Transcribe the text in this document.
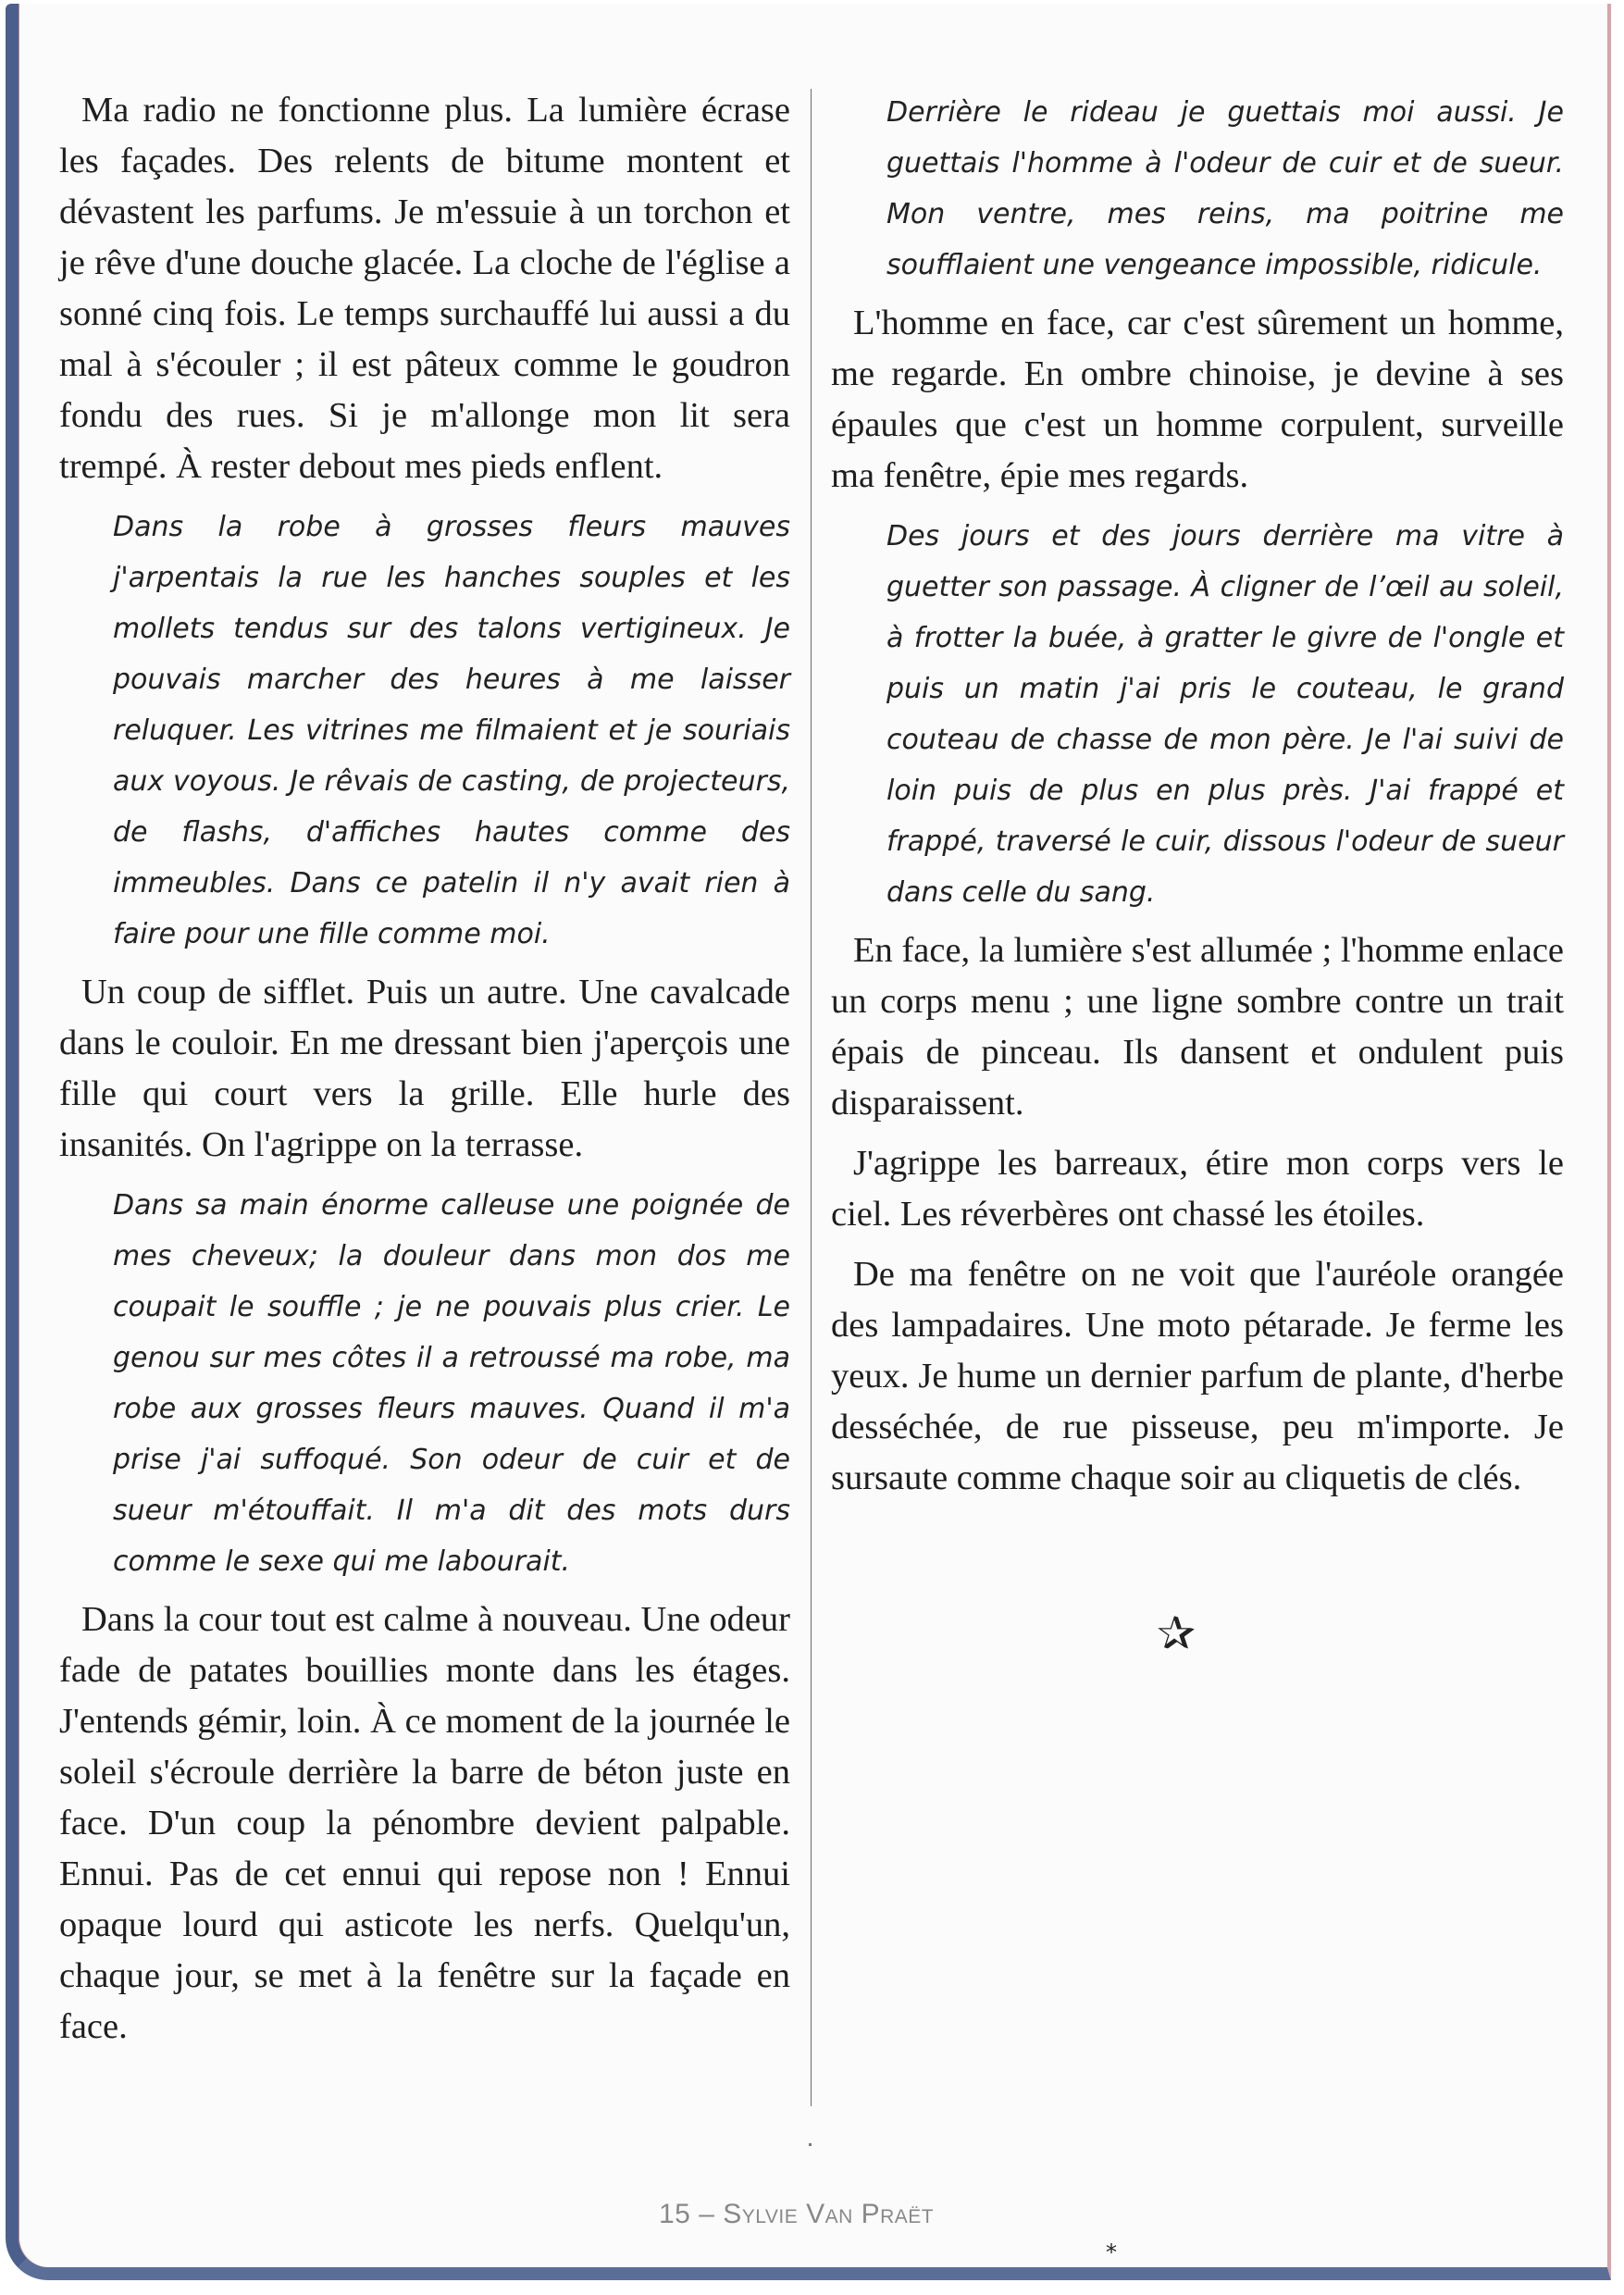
Ma radio ne fonctionne plus. La lumière écrase les façades. Des relents de bitume montent et dévastent les parfums. Je m'essuie à un torchon et je rêve d'une douche glacée. La cloche de l'église a sonné cinq fois. Le temps surchauffé lui aussi a du mal à s'écouler ; il est pâteux comme le goudron fondu des rues. Si je m'allonge mon lit sera trempé. À rester debout mes pieds enflent.

Dans la robe à grosses fleurs mauves j'arpentais la rue les hanches souples et les mollets tendus sur des talons vertigineux. Je pouvais marcher des heures à me laisser reluquer. Les vitrines me filmaient et je souriais aux voyous. Je rêvais de casting, de projecteurs, de flashs, d'affiches hautes comme des immeubles. Dans ce patelin il n'y avait rien à faire pour une fille comme moi.

Un coup de sifflet. Puis un autre. Une cavalcade dans le couloir. En me dressant bien j'aperçois une fille qui court vers la grille. Elle hurle des insanités. On l'agrippe on la terrasse.

Dans sa main énorme calleuse une poignée de mes cheveux; la douleur dans mon dos me coupait le souffle ; je ne pouvais plus crier. Le genou sur mes côtes il a retroussé ma robe, ma robe aux grosses fleurs mauves. Quand il m'a prise j'ai suffoqué. Son odeur de cuir et de sueur m'étouffait. Il m'a dit des mots durs comme le sexe qui me labourait.

Dans la cour tout est calme à nouveau. Une odeur fade de patates bouillies monte dans les étages. J'entends gémir, loin. À ce moment de la journée le soleil s'écroule derrière la barre de béton juste en face. D'un coup la pénombre devient palpable. Ennui. Pas de cet ennui qui repose non ! Ennui opaque lourd qui asticote les nerfs. Quelqu'un, chaque jour, se met à la fenêtre sur la façade en face.

Derrière le rideau je guettais moi aussi. Je guettais l'homme à l'odeur de cuir et de sueur. Mon ventre, mes reins, ma poitrine me soufflaient une vengeance impossible, ridicule.

L'homme en face, car c'est sûrement un homme, me regarde. En ombre chinoise, je devine à ses épaules que c'est un homme corpulent, surveille ma fenêtre, épie mes regards.

Des jours et des jours derrière ma vitre à guetter son passage. À cligner de l’œil au soleil, à frotter la buée, à gratter le givre de l'ongle et puis un matin j'ai pris le couteau, le grand couteau de chasse de mon père. Je l'ai suivi de loin puis de plus en plus près. J'ai frappé et frappé, traversé le cuir, dissous l'odeur de sueur dans celle du sang.

En face, la lumière s'est allumée ; l'homme enlace un corps menu ; une ligne sombre contre un trait épais de pinceau. Ils dansent et ondulent puis disparaissent.

J'agrippe les barreaux, étire mon corps vers le ciel. Les réverbères ont chassé les étoiles.

De ma fenêtre on ne voit que l'auréole orangée des lampadaires. Une moto pétarade. Je ferme les yeux. Je hume un dernier parfum de plante, d'herbe desséchée, de rue pisseuse, peu m'importe. Je sursaute comme chaque soir au cliquetis de clés.

✰
15 – Sylvie Van Praët
*
